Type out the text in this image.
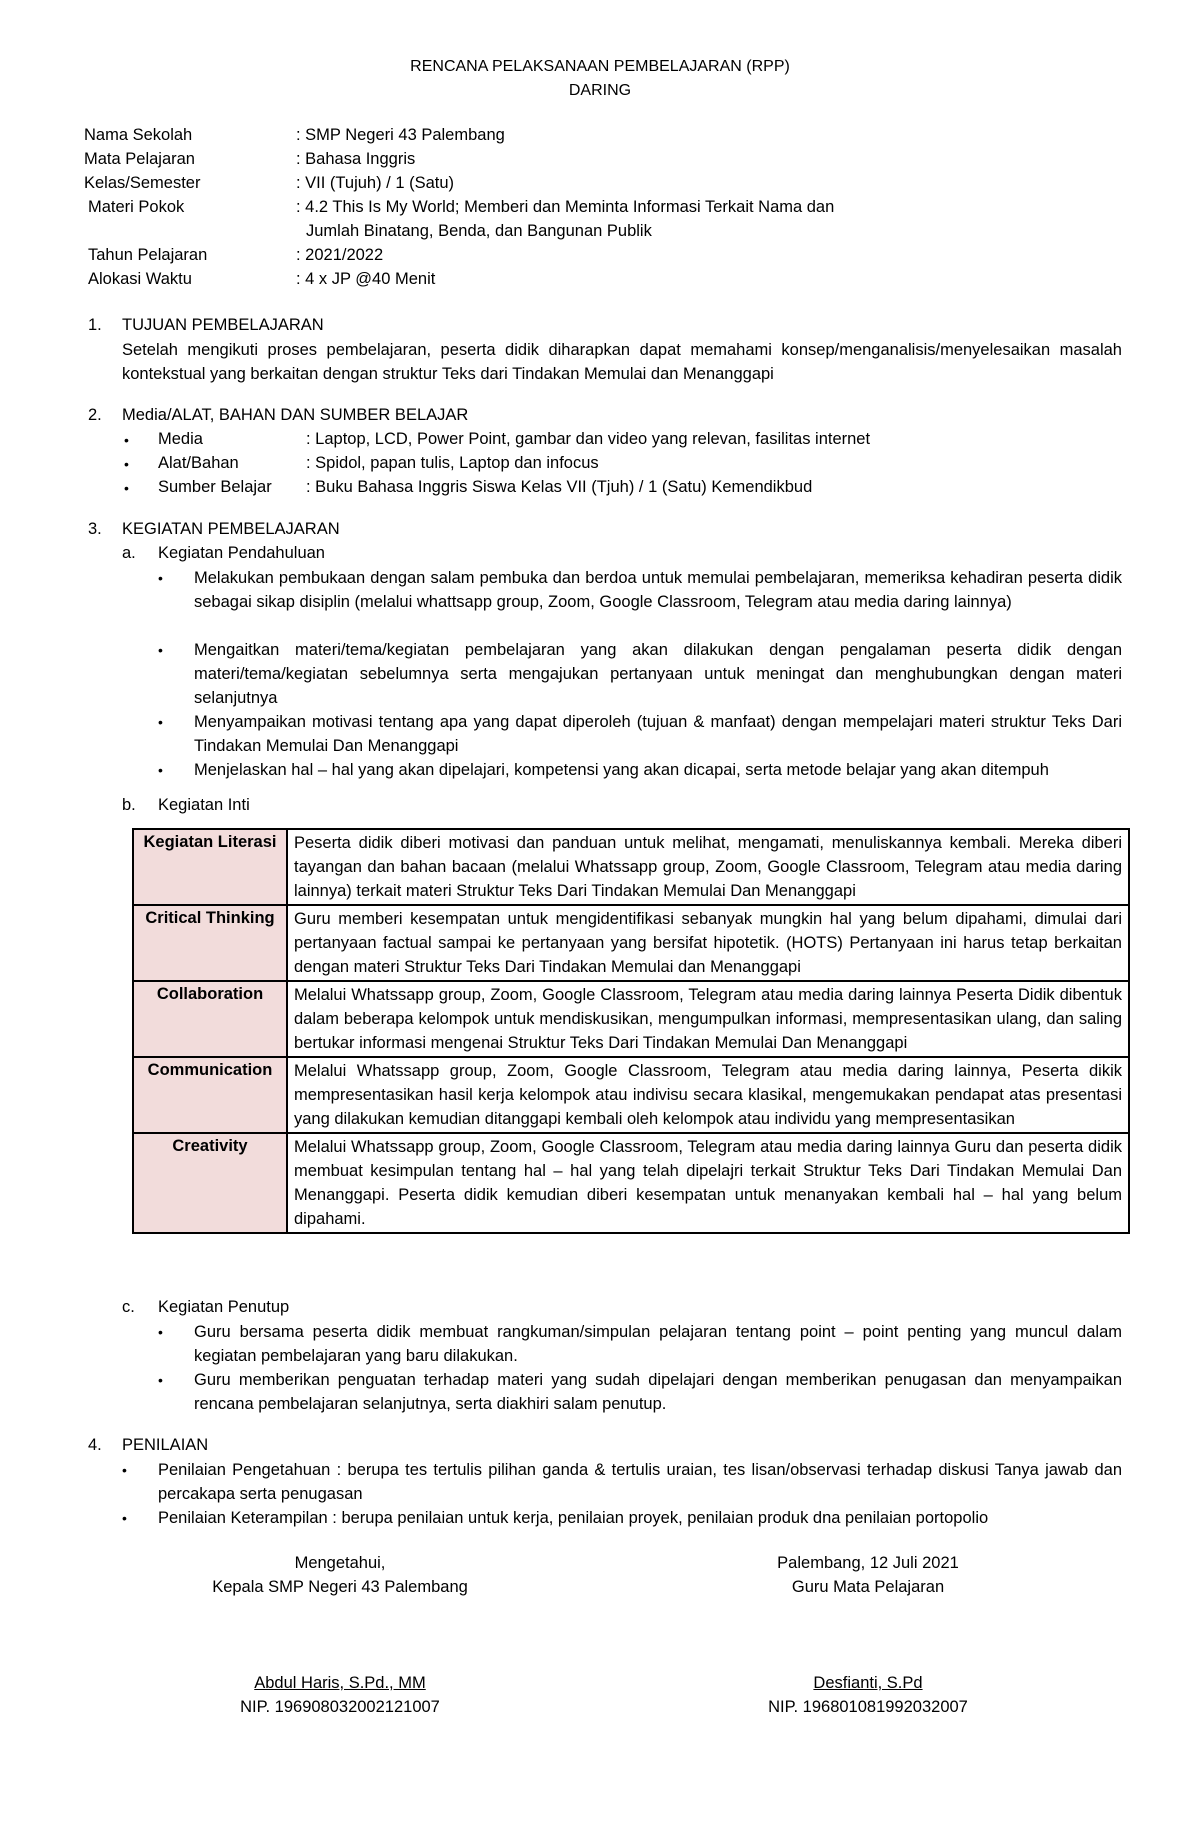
RENCANA PELAKSANAAN PEMBELAJARAN (RPP)
DARING
Nama Sekolah	: SMP Negeri 43 Palembang
Mata Pelajaran	: Bahasa Inggris
Kelas/Semester	: VII (Tujuh) / 1 (Satu)
Materi Pokok	: 4.2 This Is My World; Memberi dan Meminta Informasi Terkait Nama dan
Jumlah Binatang, Benda, dan Bangunan Publik
Tahun Pelajaran	: 2021/2022
Alokasi Waktu	: 4 x JP @40 Menit
1. TUJUAN PEMBELAJARAN
Setelah mengikuti proses pembelajaran, peserta didik diharapkan dapat memahami konsep/menganalisis/menyelesaikan masalah kontekstual yang berkaitan dengan struktur Teks dari Tindakan Memulai dan Menanggapi
2. Media/ALAT, BAHAN DAN SUMBER BELAJAR
• Media	: Laptop, LCD, Power Point, gambar dan video yang relevan, fasilitas internet
• Alat/Bahan	: Spidol, papan tulis, Laptop dan infocus
• Sumber Belajar : Buku Bahasa Inggris Siswa Kelas VII (Tjuh) / 1 (Satu) Kemendikbud
3. KEGIATAN PEMBELAJARAN
a. Kegiatan Pendahuluan
• Melakukan pembukaan dengan salam pembuka dan berdoa untuk memulai pembelajaran, memeriksa kehadiran peserta didik sebagai sikap disiplin (melalui whattsapp group, Zoom, Google Classroom, Telegram atau media daring lainnya)
• Mengaitkan materi/tema/kegiatan pembelajaran yang akan dilakukan dengan pengalaman peserta didik dengan materi/tema/kegiatan sebelumnya serta mengajukan pertanyaan untuk meningat dan menghubungkan dengan materi selanjutnya
• Menyampaikan motivasi tentang apa yang dapat diperoleh (tujuan & manfaat) dengan mempelajari materi struktur Teks Dari Tindakan Memulai Dan Menanggapi
• Menjelaskan hal – hal yang akan dipelajari, kompetensi yang akan dicapai, serta metode belajar yang akan ditempuh
b. Kegiatan Inti
Kegiatan Literasi	Peserta didik diberi motivasi dan panduan untuk melihat, mengamati, menuliskannya kembali. Mereka diberi tayangan dan bahan bacaan (melalui Whatssapp group, Zoom, Google Classroom, Telegram atau media daring lainnya) terkait materi Struktur Teks Dari Tindakan Memulai Dan Menanggapi
Critical Thinking	Guru memberi kesempatan untuk mengidentifikasi sebanyak mungkin hal yang belum dipahami, dimulai dari pertanyaan factual sampai ke pertanyaan yang bersifat hipotetik. (HOTS) Pertanyaan ini harus tetap berkaitan dengan materi Struktur Teks Dari Tindakan Memulai dan Menanggapi
Collaboration	Melalui Whatssapp group, Zoom, Google Classroom, Telegram atau media daring lainnya Peserta Didik dibentuk dalam beberapa kelompok untuk mendiskusikan, mengumpulkan informasi, mempresentasikan ulang, dan saling bertukar informasi mengenai Struktur Teks Dari Tindakan Memulai Dan Menanggapi
Communication	Melalui Whatssapp group, Zoom, Google Classroom, Telegram atau media daring lainnya, Peserta dikik mempresentasikan hasil kerja kelompok atau indivisu secara klasikal, mengemukakan pendapat atas presentasi yang dilakukan kemudian ditanggapi kembali oleh kelompok atau individu yang mempresentasikan
Creativity	Melalui Whatssapp group, Zoom, Google Classroom, Telegram atau media daring lainnya Guru dan peserta didik membuat kesimpulan tentang hal – hal yang telah dipelajri terkait Struktur Teks Dari Tindakan Memulai Dan Menanggapi. Peserta didik kemudian diberi kesempatan untuk menanyakan kembali hal – hal yang belum dipahami.
c. Kegiatan Penutup
• Guru bersama peserta didik membuat rangkuman/simpulan pelajaran tentang point – point penting yang muncul dalam kegiatan pembelajaran yang baru dilakukan.
• Guru memberikan penguatan terhadap materi yang sudah dipelajari dengan memberikan penugasan dan menyampaikan rencana pembelajaran selanjutnya, serta diakhiri salam penutup.
4. PENILAIAN
• Penilaian Pengetahuan : berupa tes tertulis pilihan ganda & tertulis uraian, tes lisan/observasi terhadap diskusi Tanya jawab dan percakapa serta penugasan
• Penilaian Keterampilan : berupa penilaian untuk kerja, penilaian proyek, penilaian produk dna penilaian portopolio
Mengetahui,
Kepala SMP Negeri 43 Palembang
Abdul Haris, S.Pd., MM
NIP. 196908032002121007
Palembang, 12 Juli 2021
Guru Mata Pelajaran
Desfianti, S.Pd
NIP. 196801081992032007
